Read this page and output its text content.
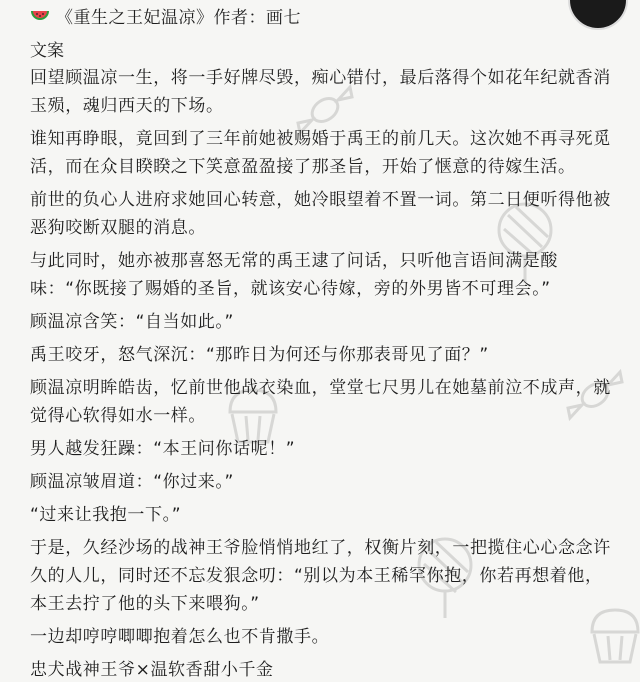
《重生之王妃温凉》 作者： 画七
文案

回望顾温凉一生，将一手好牌尽毁，痴心错付，最后落得个如花年纪就香消玉殒，魂归西天的下场。

谁知再睁眼，竟回到了三年前她被赐婚于禹王的前几天。这次她不再寻死觅活，而在众目睽睽之下笑意盈盈接了那圣旨，开始了惬意的待嫁生活。

前世的负心人进府求她回心转意，她冷眼望着不置一词。第二日便听得他被恶狗咬断双腿的消息。

与此同时，她亦被那喜怒无常的禹王逮了问话，只听他言语间满是酸味：“你既接了赐婚的圣旨，就该安心待嫁，旁的外男皆不可理会。”

顾温凉含笑：“自当如此。”

禹王咬牙，怒气深沉：“那昨日为何还与你那表哥见了面？”

顾温凉明眸皓齿，忆前世他战衣染血，堂堂七尺男儿在她墓前泣不成声，就觉得心软得如水一样。

男人越发狂躁：“本王问你话呢！”

顾温凉皱眉道：“你过来。”

“过来让我抱一下。”

于是，久经沙场的战神王爷脸悄悄地红了，权衡片刻，一把揽住心心念念许久的人儿，同时还不忘发狠念叨：“别以为本王稀罕你抱，你若再想着他，本王去拧了他的头下来喂狗。”

一边却哼哼唧唧抱着怎么也不肯撒手。

忠犬战神王爷×温软香甜小千金
